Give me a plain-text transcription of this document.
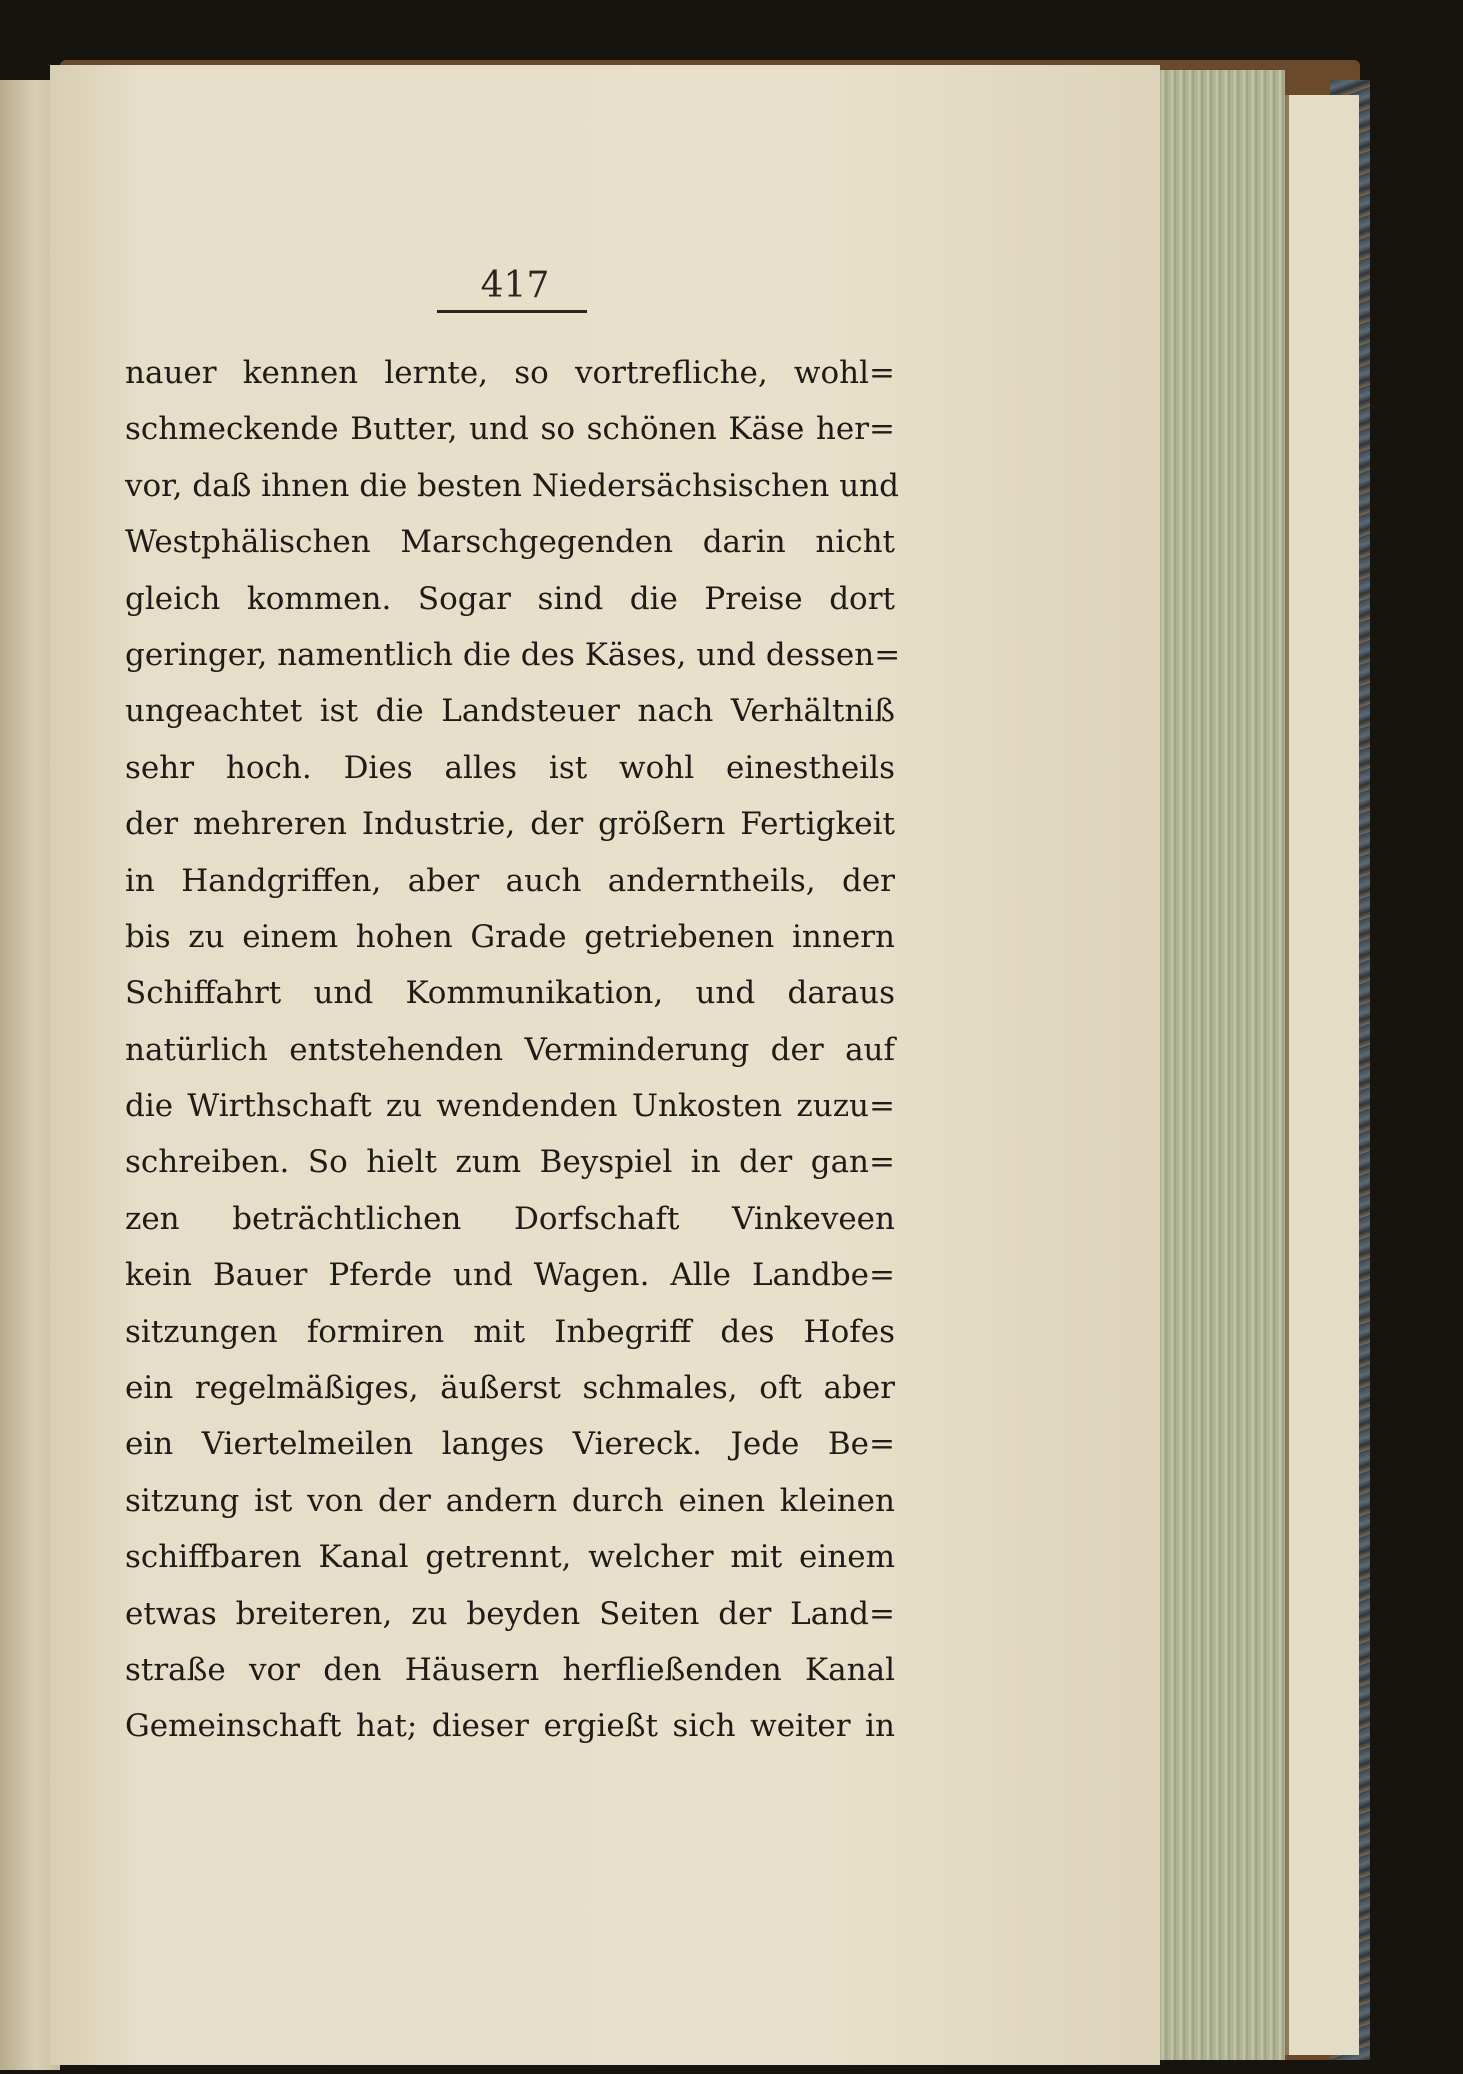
417

nauer kennen lernte, so vortrefliche, wohl=
schmeckende Butter, und so schönen Käse her=
vor, daß ihnen die besten Niedersächsischen und
Westphälischen Marschgegenden darin nicht
gleich kommen. Sogar sind die Preise dort
geringer, namentlich die des Käses, und dessen=
ungeachtet ist die Landsteuer nach Verhältniß
sehr hoch. Dies alles ist wohl einestheils
der mehreren Industrie, der größern Fertigkeit
in Handgriffen, aber auch anderntheils, der
bis zu einem hohen Grade getriebenen innern
Schiffahrt und Kommunikation, und daraus
natürlich entstehenden Verminderung der auf
die Wirthschaft zu wendenden Unkosten zuzu=
schreiben. So hielt zum Beyspiel in der gan=
zen beträchtlichen Dorfschaft Vinkeveen
kein Bauer Pferde und Wagen. Alle Landbe=
sitzungen formiren mit Inbegriff des Hofes
ein regelmäßiges, äußerst schmales, oft aber
ein Viertelmeilen langes Viereck. Jede Be=
sitzung ist von der andern durch einen kleinen
schiffbaren Kanal getrennt, welcher mit einem
etwas breiteren, zu beyden Seiten der Land=
straße vor den Häusern herfließenden Kanal
Gemeinschaft hat; dieser ergießt sich weiter in
